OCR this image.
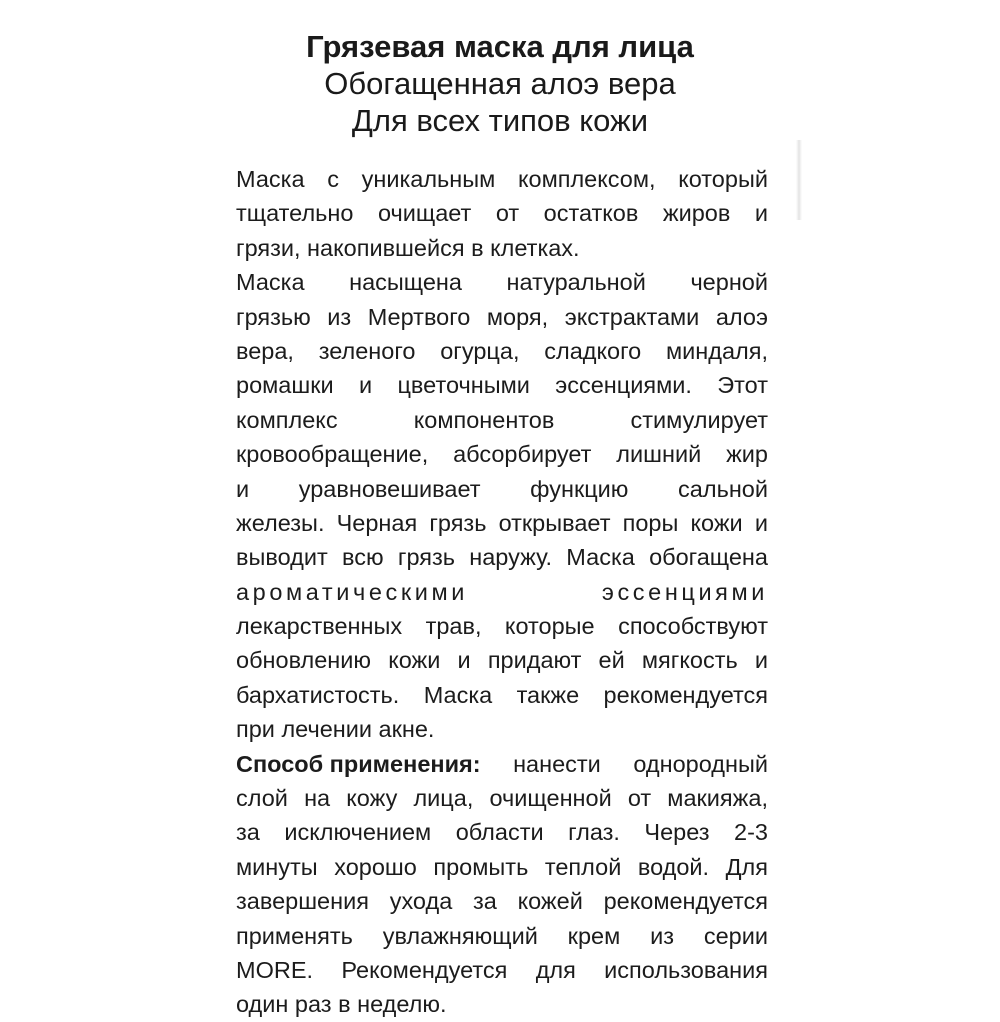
Грязевая маска для лица
Обогащенная алоэ вера
Для всех типов кожи
Маска с уникальным комплексом, который
тщательно очищает от остатков жиров и
грязи, накопившейся в клетках.
Маска насыщена натуральной черной
грязью из Мертвого моря, экстрактами алоэ
вера, зеленого огурца, сладкого миндаля,
ромашки и цветочными эссенциями. Этот
комплекс	компонентов	стимулирует
кровообращение, абсорбирует лишний жир
и уравновешивает функцию сальной
железы. Черная грязь открывает поры кожи и
выводит всю грязь наружу. Маска обогащена
ароматическими	эссенциями
лекарственных трав, которые способствуют
обновлению кожи и придают ей мягкость и
бархатистость. Маска также рекомендуется
при лечении акне.
Способ применения: нанести однородный
слой на кожу лица, очищенной от макияжа,
за исключением области глаз. Через 2-3
минуты хорошо промыть теплой водой. Для
завершения ухода за кожей рекомендуется
применять увлажняющий крем из серии
MORE. Рекомендуется для использования
один раз в неделю.
